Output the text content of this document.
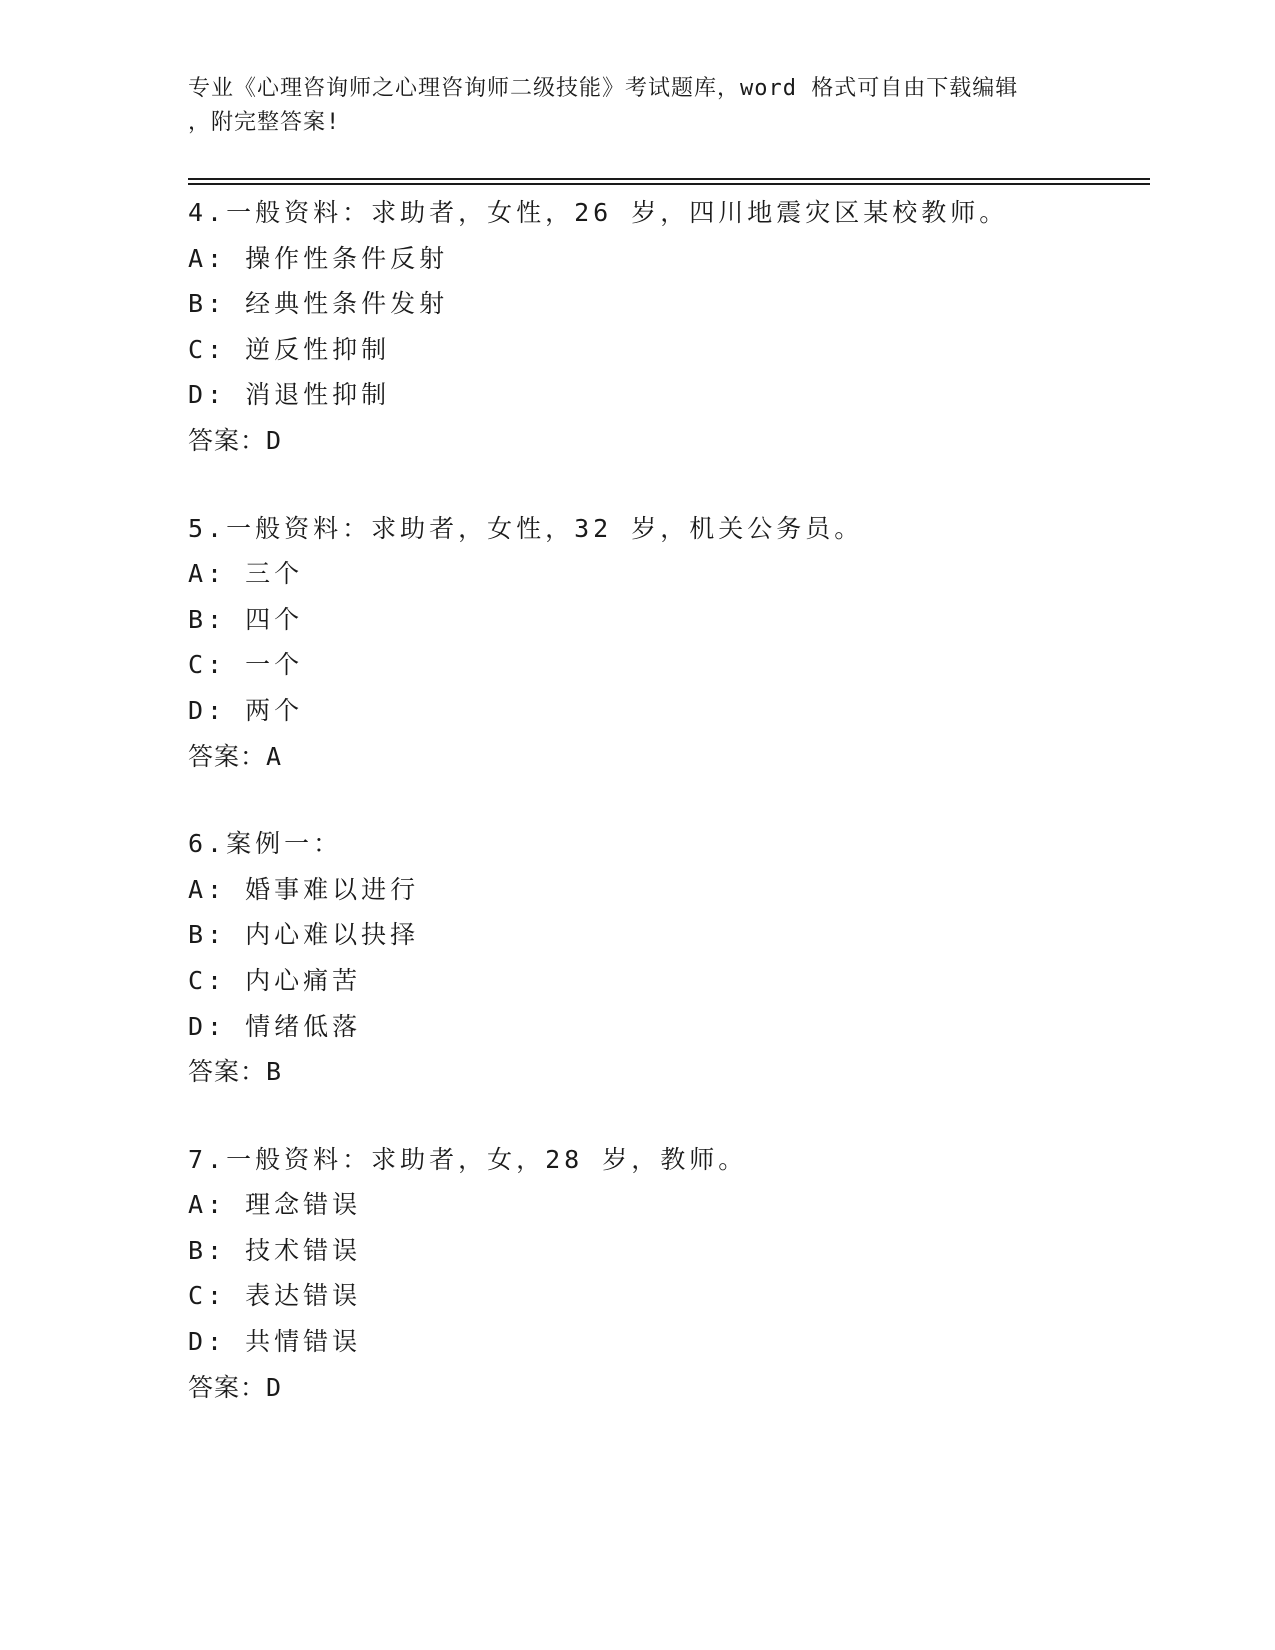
专业《心理咨询师之心理咨询师二级技能》考试题库，word 格式可自由下载编辑
，附完整答案!
4.一般资料：求助者，女性，26 岁，四川地震灾区某校教师。
A: 操作性条件反射
B: 经典性条件发射
C: 逆反性抑制
D: 消退性抑制
答案：D
5.一般资料：求助者，女性，32 岁，机关公务员。
A: 三个
B: 四个
C: 一个
D: 两个
答案：A
6.案例一：
A: 婚事难以进行
B: 内心难以抉择
C: 内心痛苦
D: 情绪低落
答案：B
7.一般资料：求助者，女，28 岁，教师。
A: 理念错误
B: 技术错误
C: 表达错误
D: 共情错误
答案：D
